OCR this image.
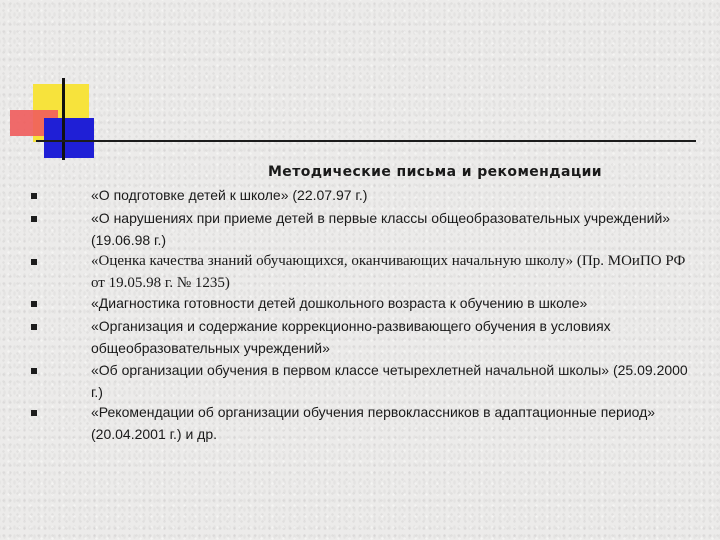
Методические письма и рекомендации
«О подготовке детей к школе» (22.07.97 г.)
«О нарушениях при приеме детей в первые классы общеобразовательных учреждений» (19.06.98 г.)
«Оценка качества знаний обучающихся, оканчивающих начальную школу» (Пр. МОиПО РФ от 19.05.98 г. № 1235)
«Диагностика готовности детей дошкольного возраста к обучению в школе»
«Организация и содержание коррекционно-развивающего обучения в условиях общеобразовательных учреждений»
«Об организации обучения в первом классе четырехлетней начальной школы» (25.09.2000 г.)
«Рекомендации об организации обучения первоклассников в адаптационные период» (20.04.2001 г.) и др.
